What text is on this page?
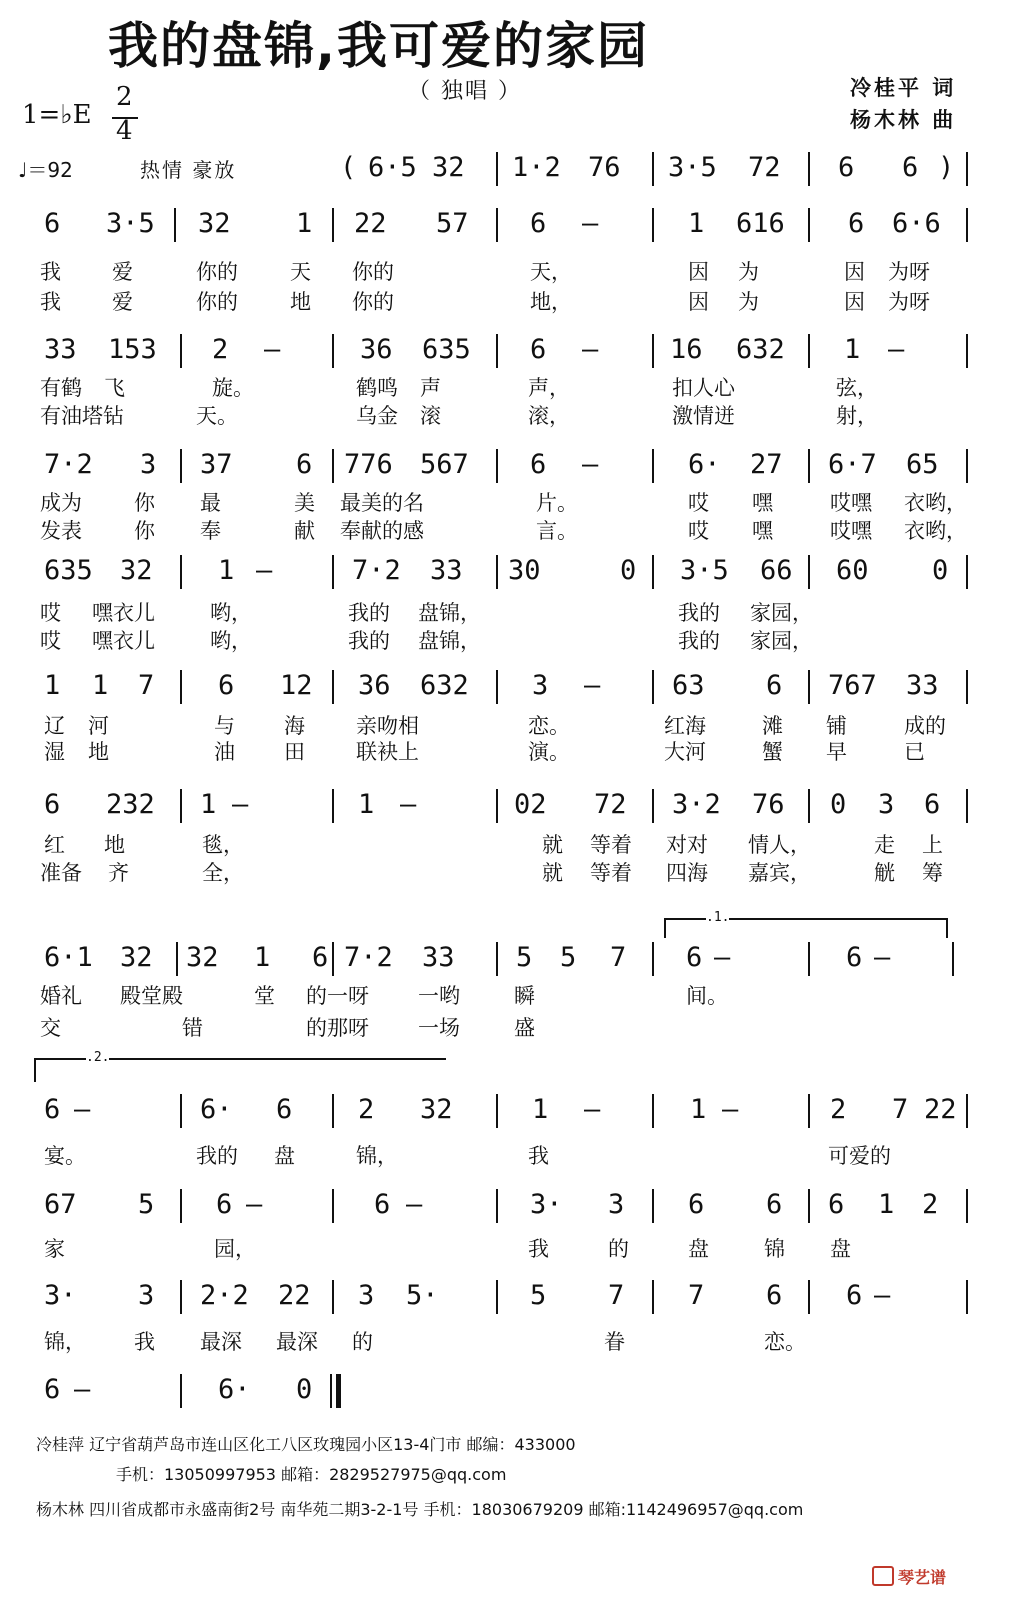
我的盘锦,我可爱的家园
（ 独唱 ）	冷桂平 词
杨木林 曲
1=♭E
2
4
♩＝92	热情 豪放	( 6·5 32 1·2 76 3·5 72 6 6 )
6 3·5 32 1 22 57 6 —	1 616 6 6·6
我 爱	你的 天 你的	天，	因 为	因 为呀
我 爱	你的 地 你的	地，	因 为	因 为呀
33 153 2 —	36 635 6 —	16 632 1 —
有鹤 飞	旋。	鹤鸣 声	声，	扣人心	弦，
有油塔钻	天。	乌金 滚	滚，	激情迸	射，
7·2 3 37 6 776 567 6 —	6· 27 6·7 65
成为 你 最	美 最美的名	片。	哎 嘿	哎嘿 衣哟，
发表 你 奉	献 奉献的感	言。	哎 嘿	哎嘿 衣哟，
635 32 1 —	7·2 33 30	0 3·5 66 60 0
哎 嘿衣儿	哟，	我的 盘锦，	我的 家园，
哎 嘿衣儿	哟，	我的 盘锦，	我的 家园，
1 1 7 6 12 36 632 3 —	63 6 767 33
辽 河	与 海 亲吻相	恋。	红海	滩 铺	成的
湿 地	油 田 联袂上	演。	大河	蟹 早	已
6 232 1 —	1 —	02 72 3·2 76 0 3 6
红 地	毯，	就 等着 对对 情人，	走 上
准备 齐	全，	就 等着 四海 嘉宾，	觥 筹
6·1 32 32 1 6 7·2 33 5 5 7 6 —	6 —
.1.
婚礼 殿堂殿	堂 的一呀 一哟	瞬	间。
交	错	的那呀 一场	盛
6 —	6· 6 2 32	1 —	1 —	2 7 22
.2.
宴。	我的 盘	锦，	我	可爱的
67 5 6 —	6 —	3· 3 6 6 6 1 2
家	园，	我	的	盘	锦 盘
3· 3 2·2 22 3 5·	5 7 7 6 6 —
锦， 我 最深 最深 的	眷	恋。
6 —	6· 0
冷桂萍 辽宁省葫芦岛市连山区化工八区玫瑰园小区13-4门市 邮编：433000
手机：13050997953 邮箱：2829527975@qq.com
杨木林 四川省成都市永盛南街2号 南华苑二期3-2-1号 手机：18030679209 邮箱:1142496957@qq.com
琴艺谱
